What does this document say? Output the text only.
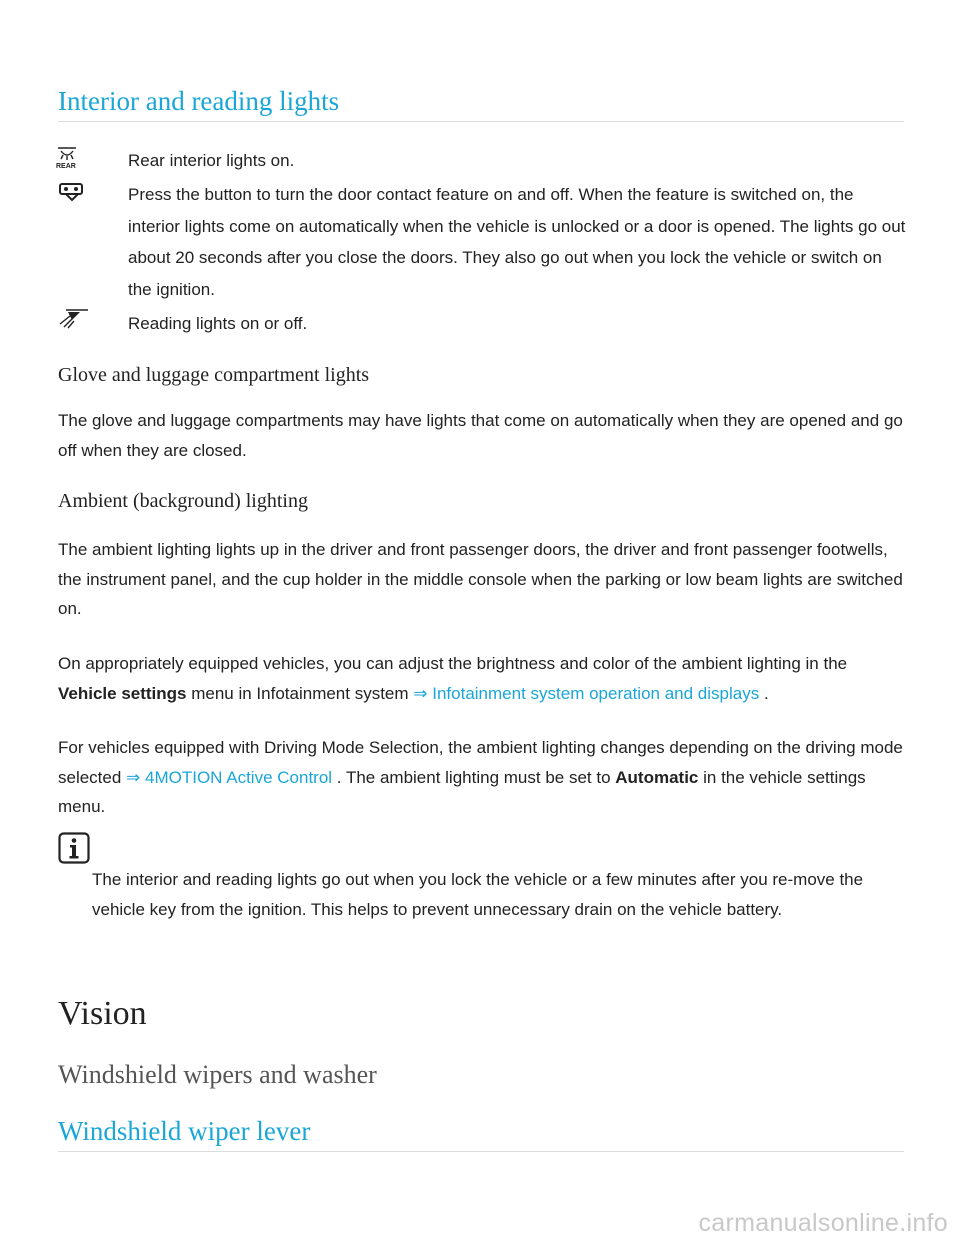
Interior and reading lights
REAR	Rear interior lights on.
Press the button to turn the door contact feature on and off. When the feature is switched on, the interior lights come on automatically when the vehicle is unlocked or a door is opened. The lights go out about 20 seconds after you close the doors. They also go out when you lock the vehicle or switch on the ignition.
Reading lights on or off.
Glove and luggage compartment lights
The glove and luggage compartments may have lights that come on automatically when they are opened and go off when they are closed.
Ambient (background) lighting
The ambient lighting lights up in the driver and front passenger doors, the driver and front passenger footwells, the instrument panel, and the cup holder in the middle console when the parking or low beam lights are switched on.
On appropriately equipped vehicles, you can adjust the brightness and color of the ambient lighting in the Vehicle settings menu in Infotainment system ⇒ Infotainment system operation and displays .
For vehicles equipped with Driving Mode Selection, the ambient lighting changes depending on the driving mode selected ⇒ 4MOTION Active Control . The ambient lighting must be set to Automatic in the vehicle settings menu.
The interior and reading lights go out when you lock the vehicle or a few minutes after you re-move the vehicle key from the ignition. This helps to prevent unnecessary drain on the vehicle battery.
Vision
Windshield wipers and washer
Windshield wiper lever
carmanualsonline.info
